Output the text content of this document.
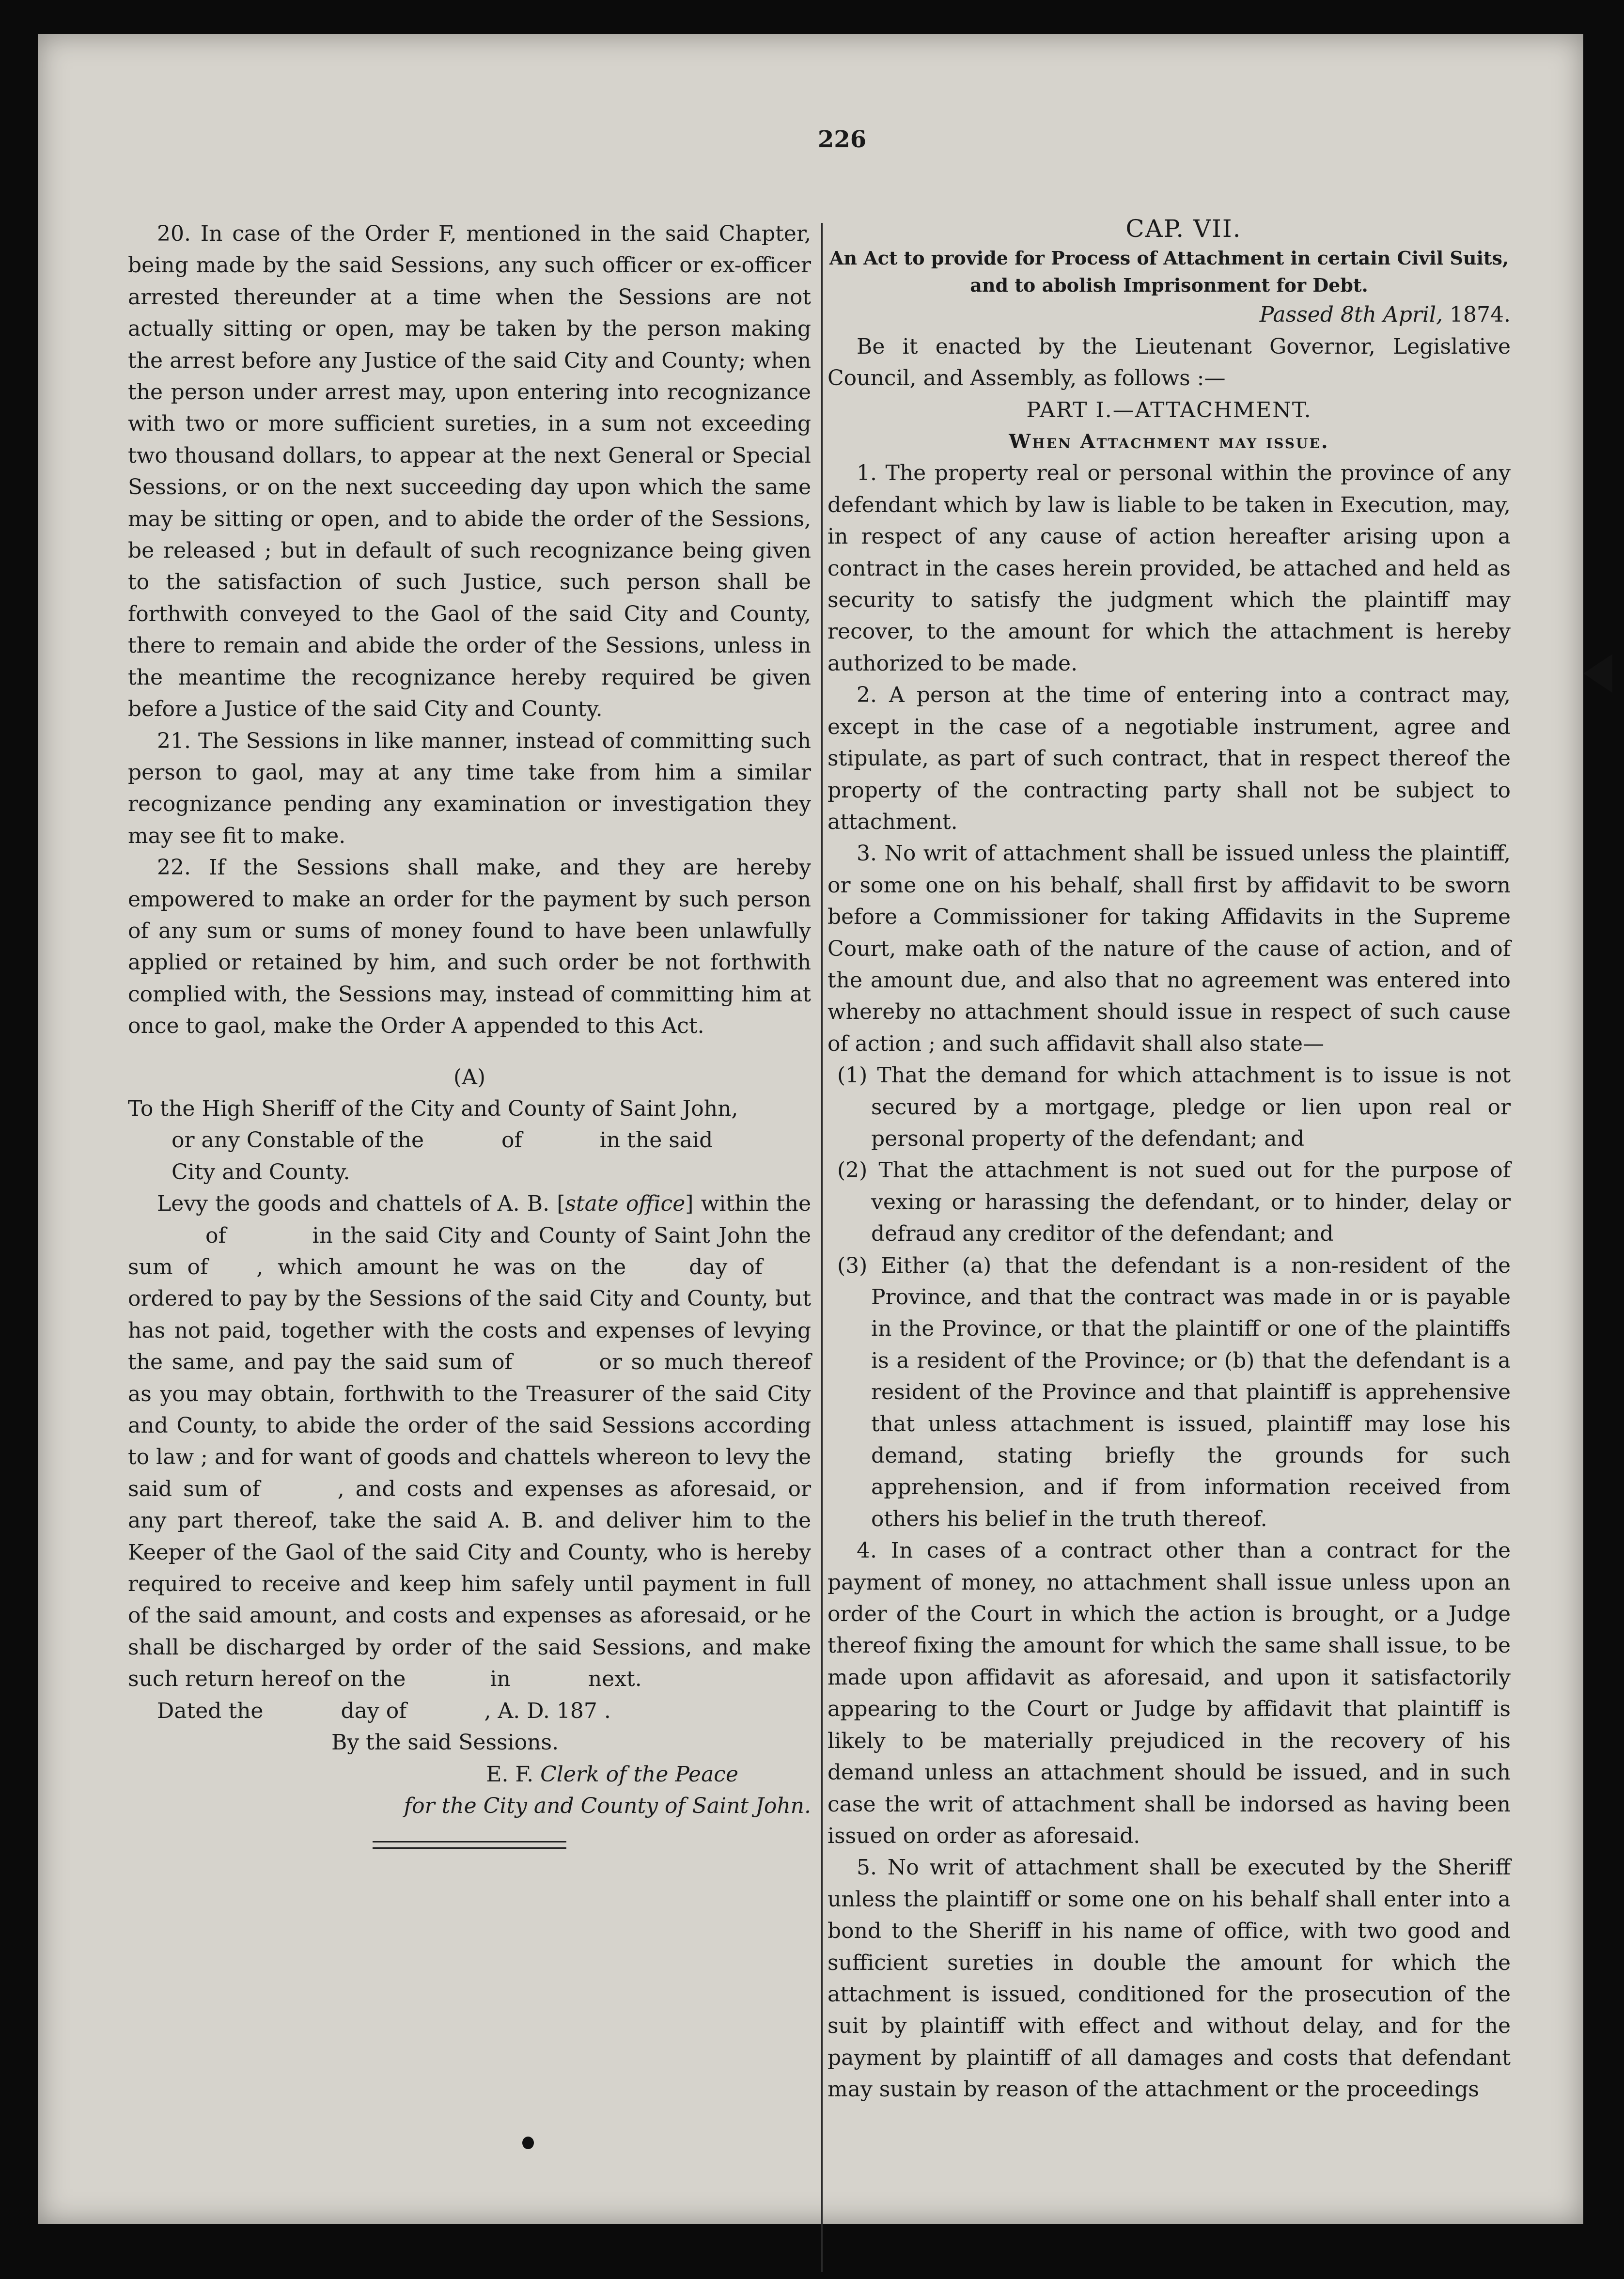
226

20. In case of the Order F, mentioned in the said Chapter, being made by the said Sessions, any such officer or ex-officer arrested thereunder at a time when the Sessions are not actually sitting or open, may be taken by the person making the arrest before any Justice of the said City and County; when the person under arrest may, upon entering into recognizance with two or more sufficient sureties, in a sum not exceeding two thousand dollars, to appear at the next General or Special Sessions, or on the next succeeding day upon which the same may be sitting or open, and to abide the order of the Sessions, be released ; but in default of such recognizance being given to the satisfaction of such Justice, such person shall be forthwith conveyed to the Gaol of the said City and County, there to remain and abide the order of the Sessions, unless in the meantime the recognizance hereby required be given before a Justice of the said City and County.

21. The Sessions in like manner, instead of committing such person to gaol, may at any time take from him a similar recognizance pending any examination or investigation they may see fit to make.

22. If the Sessions shall make, and they are hereby empowered to make an order for the payment by such person of any sum or sums of money found to have been unlawfully applied or retained by him, and such order be not forthwith complied with, the Sessions may, instead of committing him at once to gaol, make the Order A appended to this Act.

(A)

To the High Sheriff of the City and County of Saint John,

or any Constable of the	of	in the said

City and County.

Levy the goods and chattels of A. B. [state office] within the of	in the said City and County of Saint John the sum of , which amount he was on the	day of ordered to pay by the Sessions of the said City and County, but has not paid, together with the costs and expenses of levying the same, and pay the said sum of	or so much thereof as you may obtain, forthwith to the Treasurer of the said City and County, to abide the order of the said Sessions according to law ; and for want of goods and chattels whereon to levy the said sum of	, and costs and expenses as aforesaid, or any part thereof, take the said A. B. and deliver him to the Keeper of the Gaol of the said City and County, who is hereby required to receive and keep him safely until payment in full of the said amount, and costs and expenses as aforesaid, or he shall be discharged by order of the said Sessions, and make such return hereof on the	in	next.

Dated the	day of	, A. D. 187 .

By the said Sessions.

E. F. Clerk of the Peace

for the City and County of Saint John.

CAP. VII.

An Act to provide for Process of Attachment in certain Civil Suits, and to abolish Imprisonment for Debt.

Passed 8th April, 1874.

Be it enacted by the Lieutenant Governor, Legislative Council, and Assembly, as follows :—

PART I.—ATTACHMENT.

When Attachment may issue.

1. The property real or personal within the province of any defendant which by law is liable to be taken in Execution, may, in respect of any cause of action hereafter arising upon a contract in the cases herein provided, be attached and held as security to satisfy the judgment which the plaintiff may recover, to the amount for which the attachment is hereby authorized to be made.

2. A person at the time of entering into a contract may, except in the case of a negotiable instrument, agree and stipulate, as part of such contract, that in respect thereof the property of the contracting party shall not be subject to attachment.

3. No writ of attachment shall be issued unless the plaintiff, or some one on his behalf, shall first by affidavit to be sworn before a Commissioner for taking Affidavits in the Supreme Court, make oath of the nature of the cause of action, and of the amount due, and also that no agreement was entered into whereby no attachment should issue in respect of such cause of action ; and such affidavit shall also state—

(1) That the demand for which attachment is to issue is not secured by a mortgage, pledge or lien upon real or personal property of the defendant; and

(2) That the attachment is not sued out for the purpose of vexing or harassing the defendant, or to hinder, delay or defraud any creditor of the defendant; and

(3) Either (a) that the defendant is a non-resident of the Province, and that the contract was made in or is payable in the Province, or that the plaintiff or one of the plaintiffs is a resident of the Province; or (b) that the defendant is a resident of the Province and that plaintiff is apprehensive that unless attachment is issued, plaintiff may lose his demand, stating briefly the grounds for such apprehension, and if from information received from others his belief in the truth thereof.

4. In cases of a contract other than a contract for the payment of money, no attachment shall issue unless upon an order of the Court in which the action is brought, or a Judge thereof fixing the amount for which the same shall issue, to be made upon affidavit as aforesaid, and upon it satisfactorily appearing to the Court or Judge by affidavit that plaintiff is likely to be materially prejudiced in the recovery of his demand unless an attachment should be issued, and in such case the writ of attachment shall be indorsed as having been issued on order as aforesaid.

5. No writ of attachment shall be executed by the Sheriff unless the plaintiff or some one on his behalf shall enter into a bond to the Sheriff in his name of office, with two good and sufficient sureties in double the amount for which the attachment is issued, conditioned for the prosecution of the suit by plaintiff with effect and without delay, and for the payment by plaintiff of all damages and costs that defendant may sustain by reason of the attachment or the proceedings
